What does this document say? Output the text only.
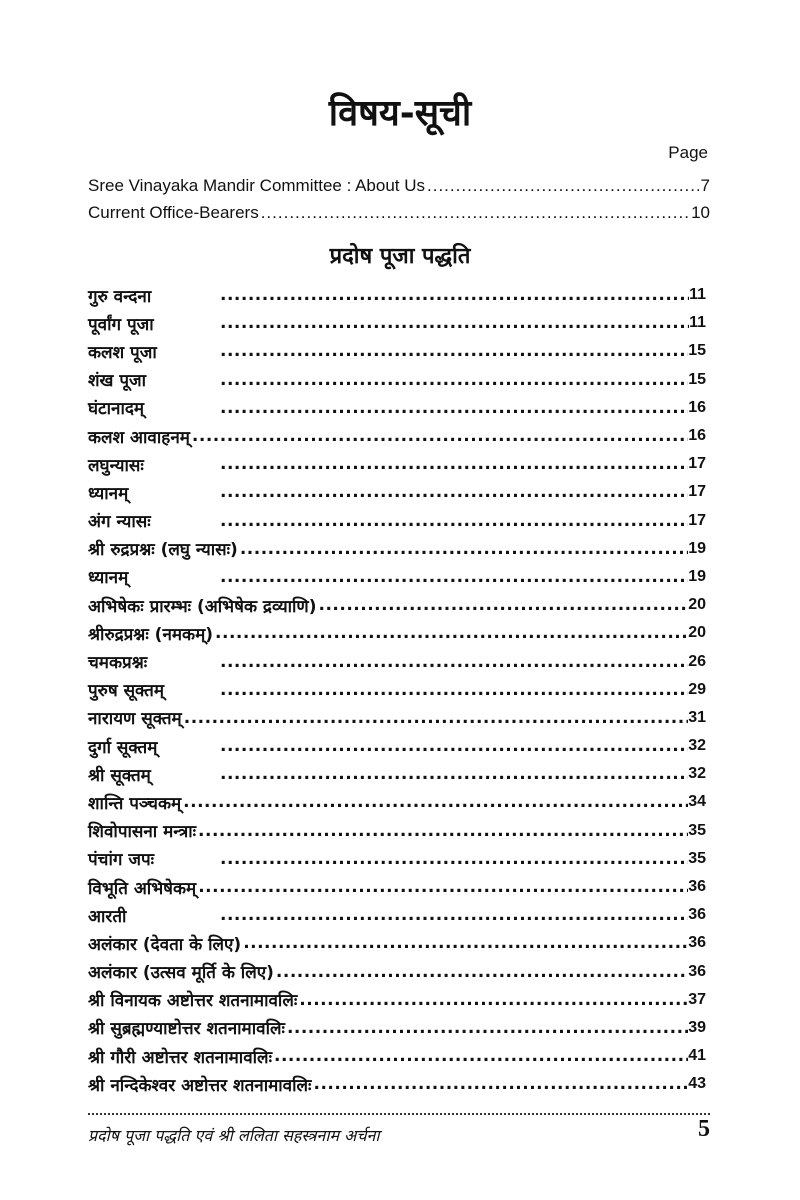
विषय-सूची
Page
Sree Vinayaka Mandir Committee : About Us .....	7
Current Office-Bearers .....	10
प्रदोष पूजा पद्धति
गुरु वन्दना .....	11
पूर्वांग पूजा .....	11
कलश पूजा .....	15
शंख पूजा .....	15
घंटानादम् .....	16
कलश आवाहनम् .....	16
लघुन्यासः .....	17
ध्यानम् .....	17
अंग न्यासः .....	17
श्री रुद्रप्रश्नः (लघु न्यासः) .....	19
ध्यानम् .....	19
अभिषेकः प्रारम्भः (अभिषेक द्रव्याणि) .....	20
श्रीरुद्रप्रश्नः (नमकम्) .....	20
चमकप्रश्नः .....	26
पुरुष सूक्तम् .....	29
नारायण सूक्तम् .....	31
दुर्गा सूक्तम् .....	32
श्री सूक्तम् .....	32
शान्ति पञ्चकम् .....	34
शिवोपासना मन्त्राः .....	35
पंचांग जपः .....	35
विभूति अभिषेकम् .....	36
आरती .....	36
अलंकार (देवता के लिए) .....	36
अलंकार (उत्सव मूर्ति के लिए) .....	36
श्री विनायक अष्टोत्तर शतनामावलिः .....	37
श्री सुब्रह्मण्याष्टोत्तर शतनामावलिः .....	39
श्री गौरी अष्टोत्तर शतनामावलिः .....	41
श्री नन्दिकेश्वर अष्टोत्तर शतनामावलिः .....	43
प्रदोष पूजा पद्धति एवं श्री ललिता सहस्त्रनाम अर्चना	5
